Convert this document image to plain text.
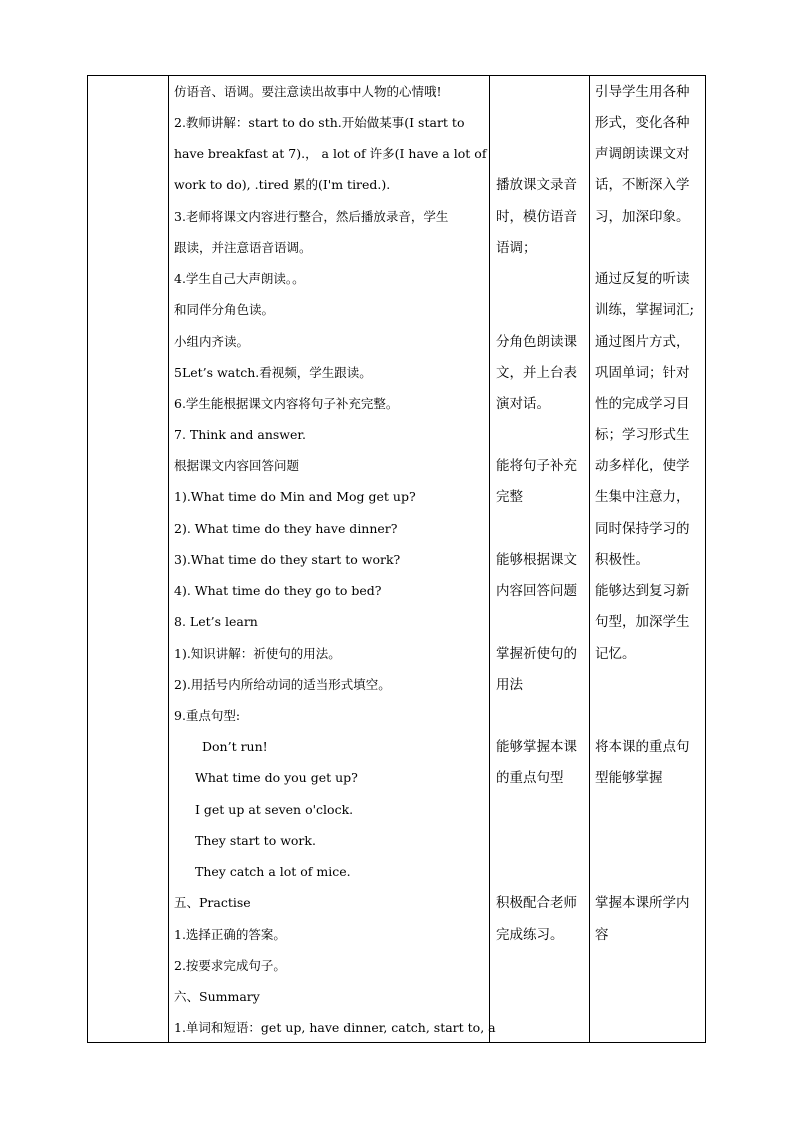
仿语音、语调。要注意读出故事中人物的心情哦!
2.教师讲解：start to do sth.开始做某事(I start to
have breakfast at 7).， a lot of 许多(I have a lot of
work to do), .tired 累的(I'm tired.).
3.老师将课文内容进行整合，然后播放录音，学生
跟读，并注意语音语调。
4.学生自己大声朗读。。
和同伴分角色读。
小组内齐读。
5Let’s watch.看视频，学生跟读。
6.学生能根据课文内容将句子补充完整。
7. Think and answer.
根据课文内容回答问题
1).What time do Min and Mog get up?
2). What time do they have dinner?
3).What time do they start to work?
4). What time do they go to bed?
8. Let’s learn
1).知识讲解：祈使句的用法。
2).用括号内所给动词的适当形式填空。
9.重点句型:
Don’t run!
What time do you get up?
I get up at seven o'clock.
They start to work.
They catch a lot of mice.
五、Practise
1.选择正确的答案。
2.按要求完成句子。
六、Summary
1.单词和短语：get up, have dinner, catch, start to, a
播放课文录音
时，模仿语音
语调；
分角色朗读课
文，并上台表
演对话。
能将句子补充
完整
能够根据课文
内容回答问题
掌握祈使句的
用法
能够掌握本课
的重点句型
积极配合老师
完成练习。
引导学生用各种
形式，变化各种
声调朗读课文对
话，不断深入学
习，加深印象。
通过反复的听读
训练，掌握词汇;
通过图片方式，
巩固单词；针对
性的完成学习目
标；学习形式生
动多样化，使学
生集中注意力，
同时保持学习的
积极性。
能够达到复习新
句型，加深学生
记忆。
将本课的重点句
型能够掌握
掌握本课所学内
容
